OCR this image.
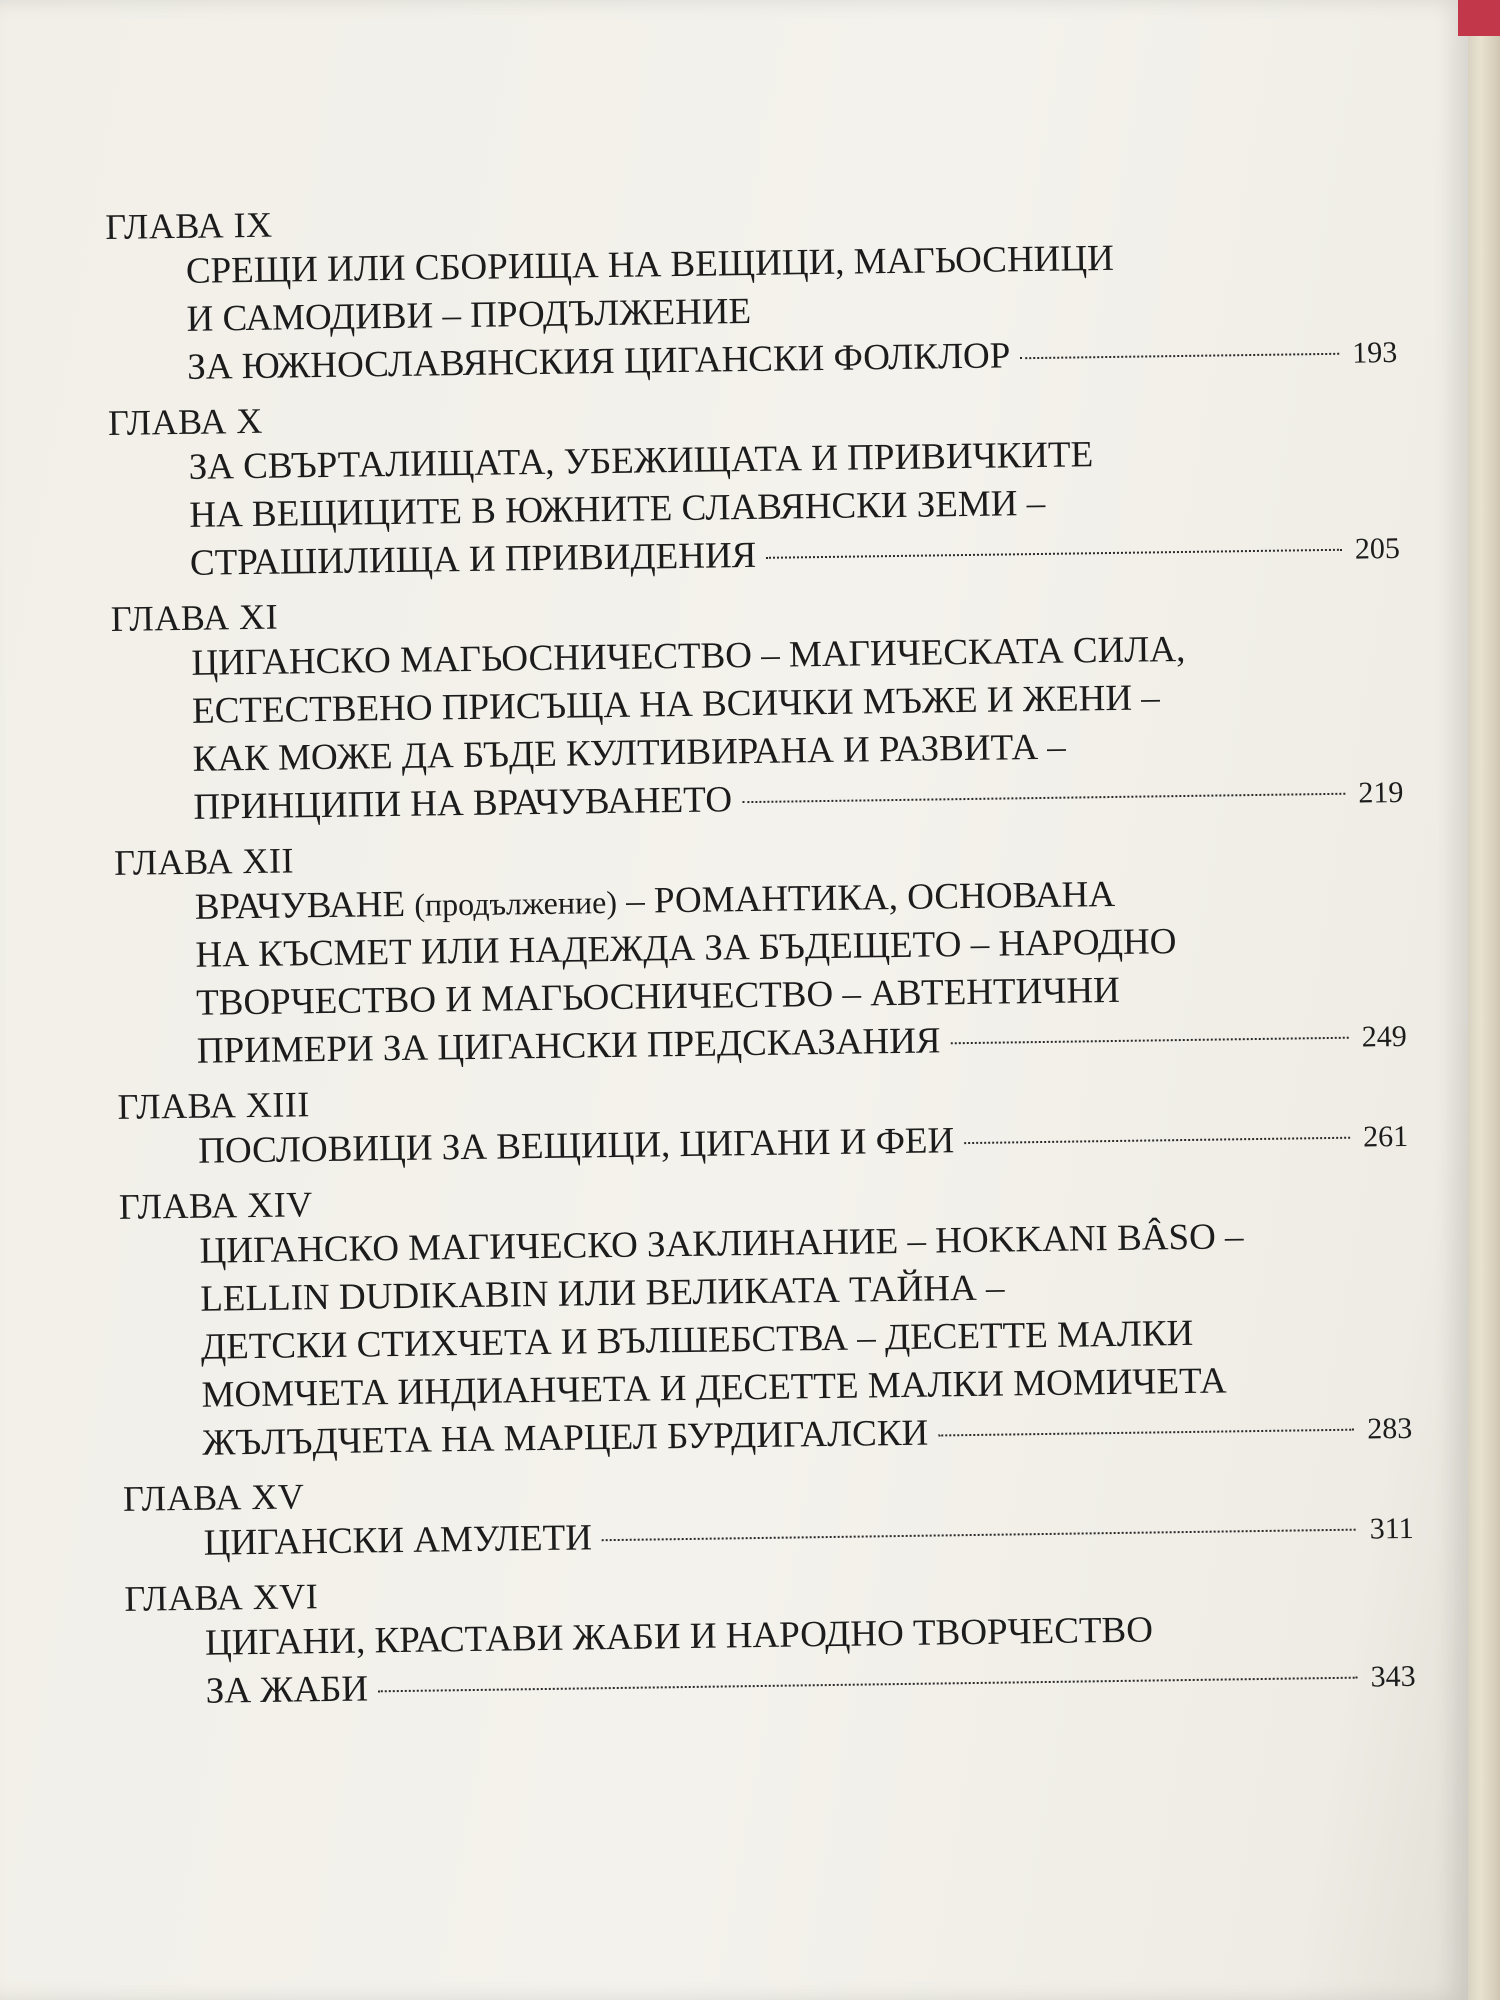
ГЛАВА IX
СРЕЩИ ИЛИ СБОРИЩА НА ВЕЩИЦИ, МАГЬОСНИЦИ
И САМОДИВИ – ПРОДЪЛЖЕНИЕ
ЗА ЮЖНОСЛАВЯНСКИЯ ЦИГАНСКИ ФОЛКЛОР	193
ГЛАВА X
ЗА СВЪРТАЛИЩАТА, УБЕЖИЩАТА И ПРИВИЧКИТЕ
НА ВЕЩИЦИТЕ В ЮЖНИТЕ СЛАВЯНСКИ ЗЕМИ –
СТРАШИЛИЩА И ПРИВИДЕНИЯ	205
ГЛАВА XI
ЦИГАНСКО МАГЬОСНИЧЕСТВО – МАГИЧЕСКАТА СИЛА,
ЕСТЕСТВЕНО ПРИСЪЩА НА ВСИЧКИ МЪЖЕ И ЖЕНИ –
КАК МОЖЕ ДА БЪДЕ КУЛТИВИРАНА И РАЗВИТА –
ПРИНЦИПИ НА ВРАЧУВАНЕТО	219
ГЛАВА XII
ВРАЧУВАНЕ (продължение) – РОМАНТИКА, ОСНОВАНА
НА КЪСМЕТ ИЛИ НАДЕЖДА ЗА БЪДЕЩЕТО – НАРОДНО
ТВОРЧЕСТВО И МАГЬОСНИЧЕСТВО – АВТЕНТИЧНИ
ПРИМЕРИ ЗА ЦИГАНСКИ ПРЕДСКАЗАНИЯ	249
ГЛАВА XIII
ПОСЛОВИЦИ ЗА ВЕЩИЦИ, ЦИГАНИ И ФЕИ	261
ГЛАВА XIV
ЦИГАНСКО МАГИЧЕСКО ЗАКЛИНАНИЕ – HOKKANI BÂSO –
LELLIN DUDIKABIN ИЛИ ВЕЛИКАТА ТАЙНА –
ДЕТСКИ СТИХЧЕТА И ВЪЛШЕБСТВА – ДЕСЕТТЕ МАЛКИ
МОМЧЕТА ИНДИАНЧЕТА И ДЕСЕТТЕ МАЛКИ МОМИЧЕТА
ЖЪЛЪДЧЕТА НА МАРЦЕЛ БУРДИГАЛСКИ	283
ГЛАВА XV
ЦИГАНСКИ АМУЛЕТИ	311
ГЛАВА XVI
ЦИГАНИ, КРАСТАВИ ЖАБИ И НАРОДНО ТВОРЧЕСТВО
ЗА ЖАБИ	343
